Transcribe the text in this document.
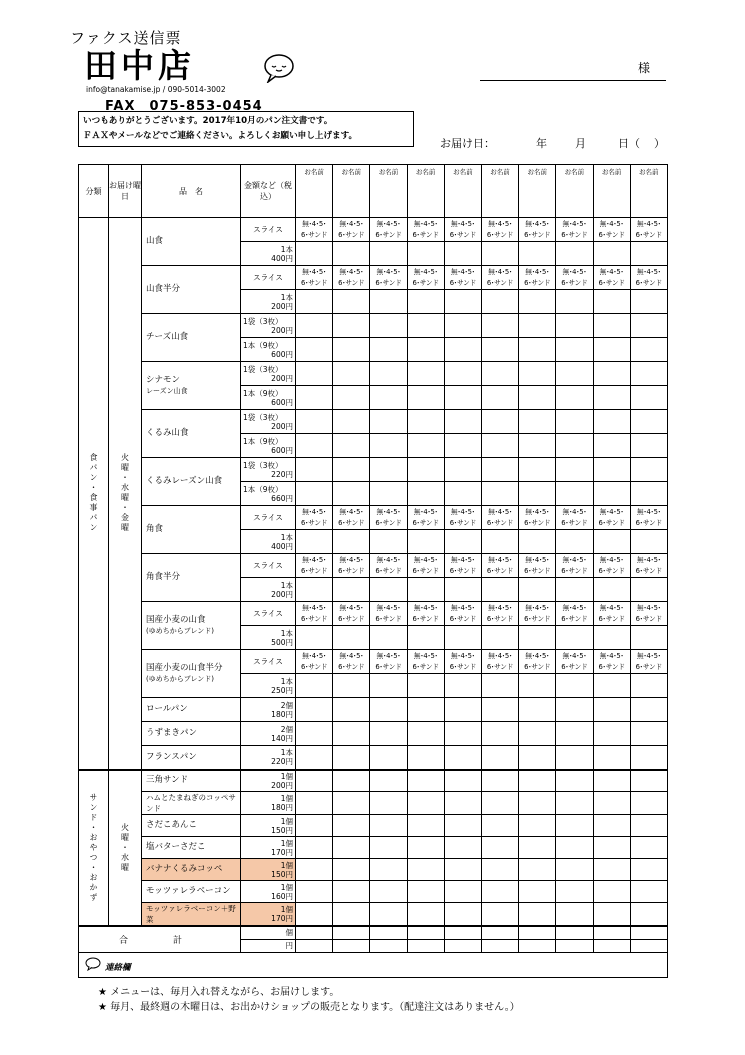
ファクス送信票
田中店
info@tanakamise.jp / 090-5014-3002
FAX　075-853-0454
いつもありがとうございます。2017年10月のパン注文書です。
ＦＡＸやメールなどでご連絡ください。よろしくお願い申し上げます。
様
お届け日：	年	月	日（ ）
分類	お届け曜日	品　名	金額など（税込）	お名前	お名前	お名前	お名前	お名前	お名前	お名前	お名前	お名前	お名前

食パン・食事パン	火曜・水曜・金曜	山食	スライス	無･4･5･
6･サンド	無･4･5･
6･サンド	無･4･5･
6･サンド	無･4･5･
6･サンド	無･4･5･
6･サンド	無･4･5･
6･サンド	無･4･5･
6･サンド	無･4･5･
6･サンド	無･4･5･
6･サンド	無･4･5･
6･サンド
			1本
400円										
		山食半分	スライス	無･4･5･
6･サンド	無･4･5･
6･サンド	無･4･5･
6･サンド	無･4･5･
6･サンド	無･4･5･
6･サンド	無･4･5･
6･サンド	無･4･5･
6･サンド	無･4･5･
6･サンド	無･4･5･
6･サンド	無･4･5･
6･サンド
			1本
200円										
		チーズ山食	1袋（3枚）
200円										

			1本（9枚）
600円										

		シナモン
レーズン山食	1袋（3枚）
200円										

			1本（9枚）
600円										

		くるみ山食	1袋（3枚）
200円										

			1本（9枚）
600円										

		くるみレーズン山食	1袋（3枚）
220円										

			1本（9枚）
660円										

		角食	スライス	無･4･5･
6･サンド	無･4･5･
6･サンド	無･4･5･
6･サンド	無･4･5･
6･サンド	無･4･5･
6･サンド	無･4･5･
6･サンド	無･4･5･
6･サンド	無･4･5･
6･サンド	無･4･5･
6･サンド	無･4･5･
6･サンド
			1本
400円										
		角食半分	スライス	無･4･5･
6･サンド	無･4･5･
6･サンド	無･4･5･
6･サンド	無･4･5･
6･サンド	無･4･5･
6･サンド	無･4･5･
6･サンド	無･4･5･
6･サンド	無･4･5･
6･サンド	無･4･5･
6･サンド	無･4･5･
6･サンド
			1本
200円										
		国産小麦の山食
(ゆめちからブレンド)	スライス	無･4･5･
6･サンド	無･4･5･
6･サンド	無･4･5･
6･サンド	無･4･5･
6･サンド	無･4･5･
6･サンド	無･4･5･
6･サンド	無･4･5･
6･サンド	無･4･5･
6･サンド	無･4･5･
6･サンド	無･4･5･
6･サンド
			1本
500円										
		国産小麦の山食半分
(ゆめちからブレンド)	スライス	無･4･5･
6･サンド	無･4･5･
6･サンド	無･4･5･
6･サンド	無･4･5･
6･サンド	無･4･5･
6･サンド	無･4･5･
6･サンド	無･4･5･
6･サンド	無･4･5･
6･サンド	無･4･5･
6･サンド	無･4･5･
6･サンド
			1本
250円										
		ロールパン	2個
180円										
		うずまきパン	2個
140円										
		フランスパン	1本
220円										

サンド・おやつ・おかず	火曜・水曜	三角サンド	1個
200円										
		ハムとたまねぎのコッペサンド	1個
180円										
		さだこあんこ	1個
150円										
		塩バターさだこ	1個
170円										
		バナナくるみコッペ	1個
150円										
		モッツァレラベーコン	1個
160円										
		モッツァレラベーコン＋野菜	1個
170円										
合　計			個										
			円										
連絡欄													
★ メニューは、毎月入れ替えながら、お届けします。
★ 毎月、最終週の木曜日は、お出かけショップの販売となります。（配達注文はありません。）
